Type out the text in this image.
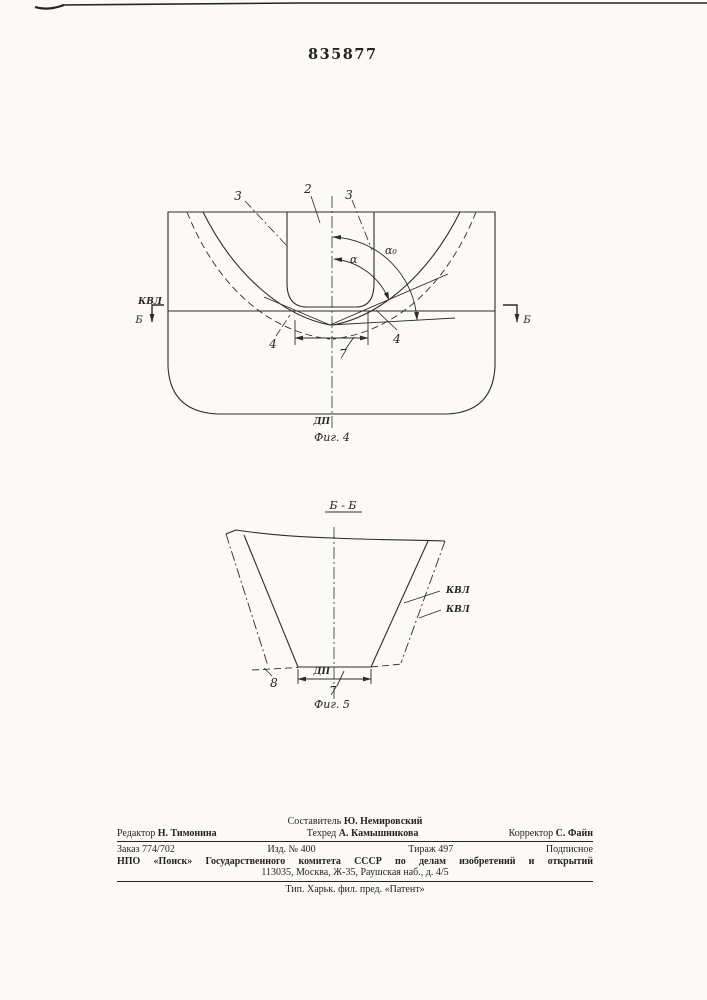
835877
3	2	3
α₀
α
КВЛ
Б	Б
4	4
7
ДП
Фиг. 4
Б - Б
КВЛ
КВЛ
8
ДП
7
Фиг. 5
Составитель Ю. Немировский
Редактор Н. Тимонина	Техред А. Камышникова	Корректор С. Файн
Заказ 774/702	Изд. № 400	Тираж 497	Подписное
НПО «Поиск» Государственного комитета СССР по делам изобретений и открытий
113035, Москва, Ж-35, Раушская наб., д. 4/5
Тип. Харьк. фил. пред. «Патент»
